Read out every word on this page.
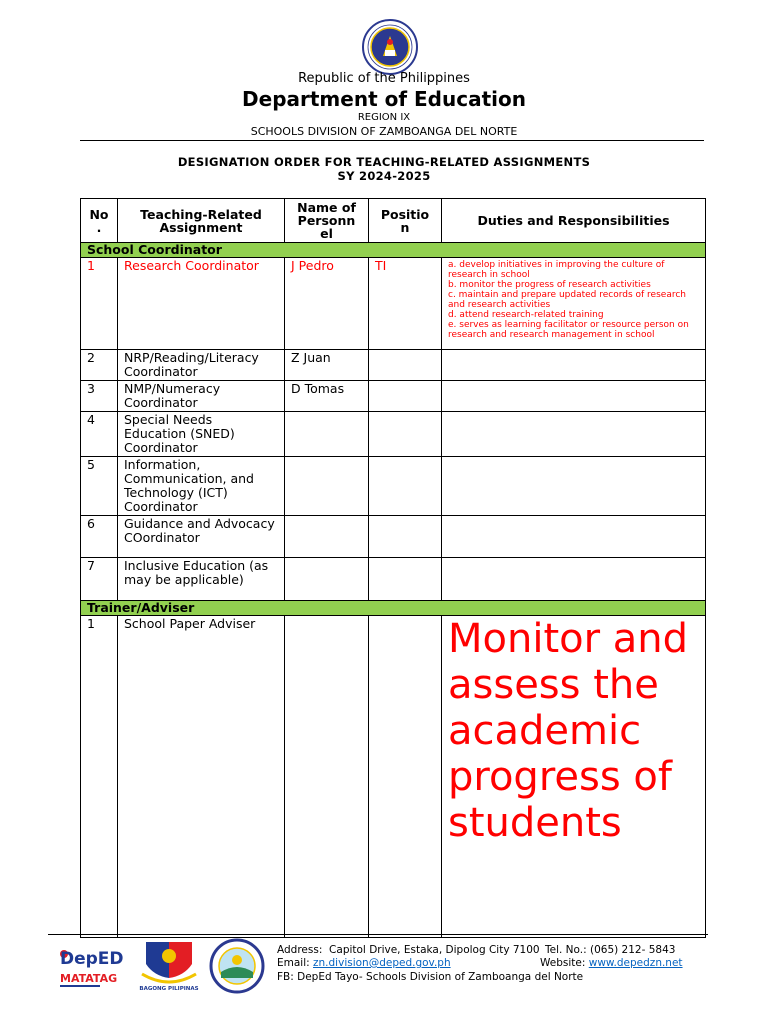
Republic of the Philippines
Department of Education
REGION IX
SCHOOLS DIVISION OF ZAMBOANGA DEL NORTE
DESIGNATION ORDER FOR TEACHING-RELATED ASSIGNMENTS
SY 2024-2025
No .	Teaching-Related Assignment	Name of Personn el	Positio n	Duties and Responsibilities
School Coordinator				
1	Research Coordinator	J Pedro	TI	a. develop initiatives in improving the culture of research in school
b. monitor the progress of research activities
c. maintain and prepare updated records of research and research activities
d. attend research-related training
e. serves as learning facilitator or resource person on research and research management in school

2	NRP/Reading/Literacy Coordinator	Z Juan		
3	NMP/Numeracy Coordinator	D Tomas		
4	Special Needs Education (SNED) Coordinator			
5	Information, Communication, and Technology (ICT) Coordinator			
6	Guidance and Advocacy COordinator			
7	Inclusive Education (as may be applicable)			
Trainer/Adviser				
1	School Paper Adviser			Monitor and assess the academic progress of students
DepED
MATATAG
BAGONG PILIPINAS
Address: Capitol Drive, Estaka, Dipolog City 7100 Tel. No.: (065) 212- 5843
Email: zn.division@deped.gov.ph	Website: www.depedzn.net
FB: DepEd Tayo- Schools Division of Zamboanga del Norte
